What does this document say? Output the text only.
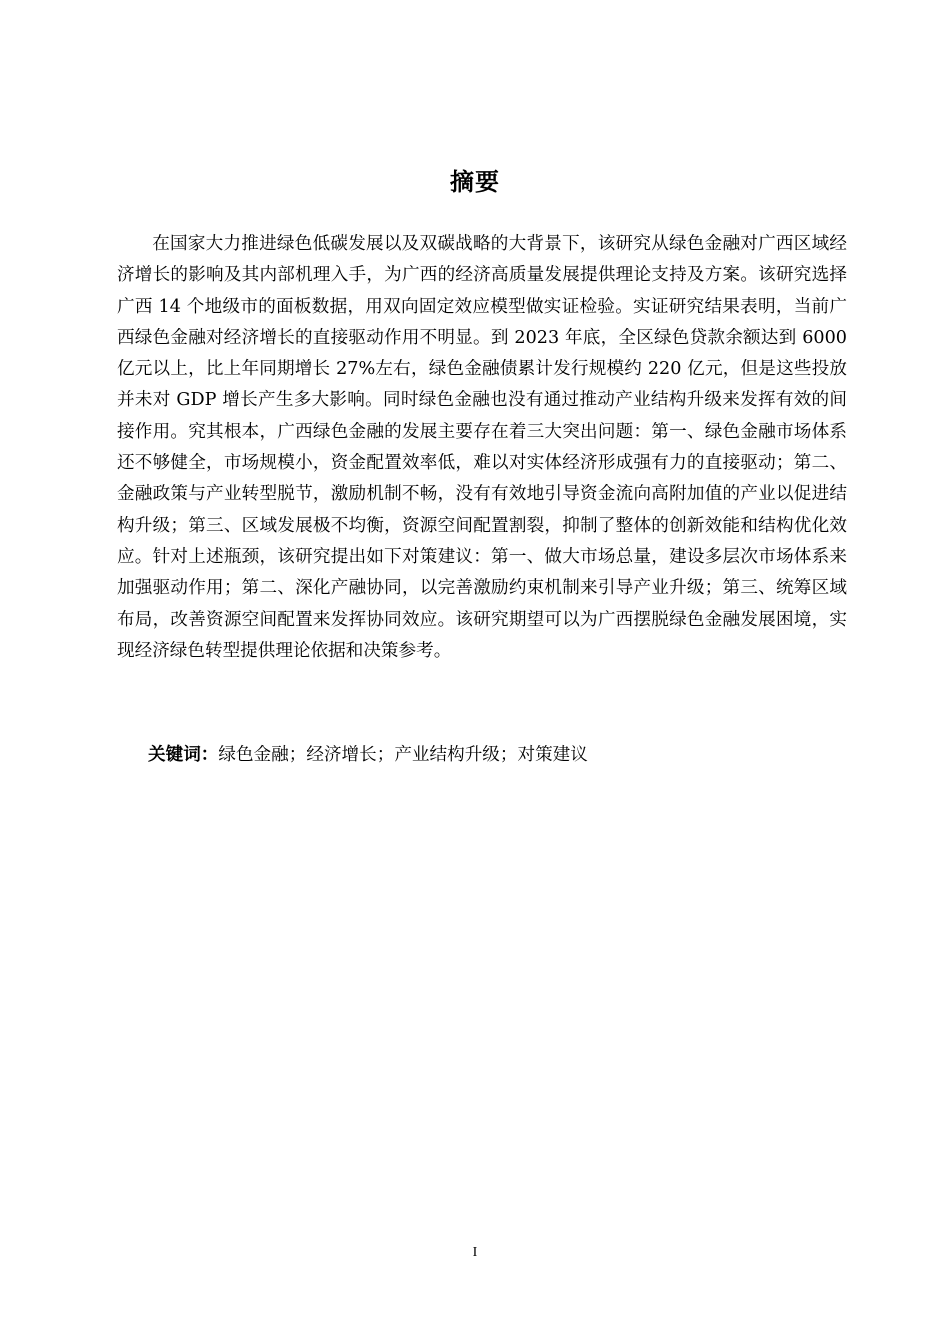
摘要

在国家大力推进绿色低碳发展以及双碳战略的大背景下，该研究从绿色金融对广西区域经济增长的影响及其内部机理入手，为广西的经济高质量发展提供理论支持及方案。该研究选择广西 14 个地级市的面板数据，用双向固定效应模型做实证检验。实证研究结果表明，当前广西绿色金融对经济增长的直接驱动作用不明显。到 2023 年底，全区绿色贷款余额达到 6000 亿元以上，比上年同期增长 27%左右，绿色金融债累计发行规模约 220 亿元，但是这些投放并未对 GDP 增长产生多大影响。同时绿色金融也没有通过推动产业结构升级来发挥有效的间接作用。究其根本，广西绿色金融的发展主要存在着三大突出问题：第一、绿色金融市场体系还不够健全，市场规模小，资金配置效率低，难以对实体经济形成强有力的直接驱动；第二、金融政策与产业转型脱节，激励机制不畅，没有有效地引导资金流向高附加值的产业以促进结构升级；第三、区域发展极不均衡，资源空间配置割裂，抑制了整体的创新效能和结构优化效应。针对上述瓶颈，该研究提出如下对策建议：第一、做大市场总量，建设多层次市场体系来加强驱动作用；第二、深化产融协同，以完善激励约束机制来引导产业升级；第三、统筹区域布局，改善资源空间配置来发挥协同效应。该研究期望可以为广西摆脱绿色金融发展困境，实现经济绿色转型提供理论依据和决策参考。

关键词：绿色金融；经济增长；产业结构升级；对策建议

I
